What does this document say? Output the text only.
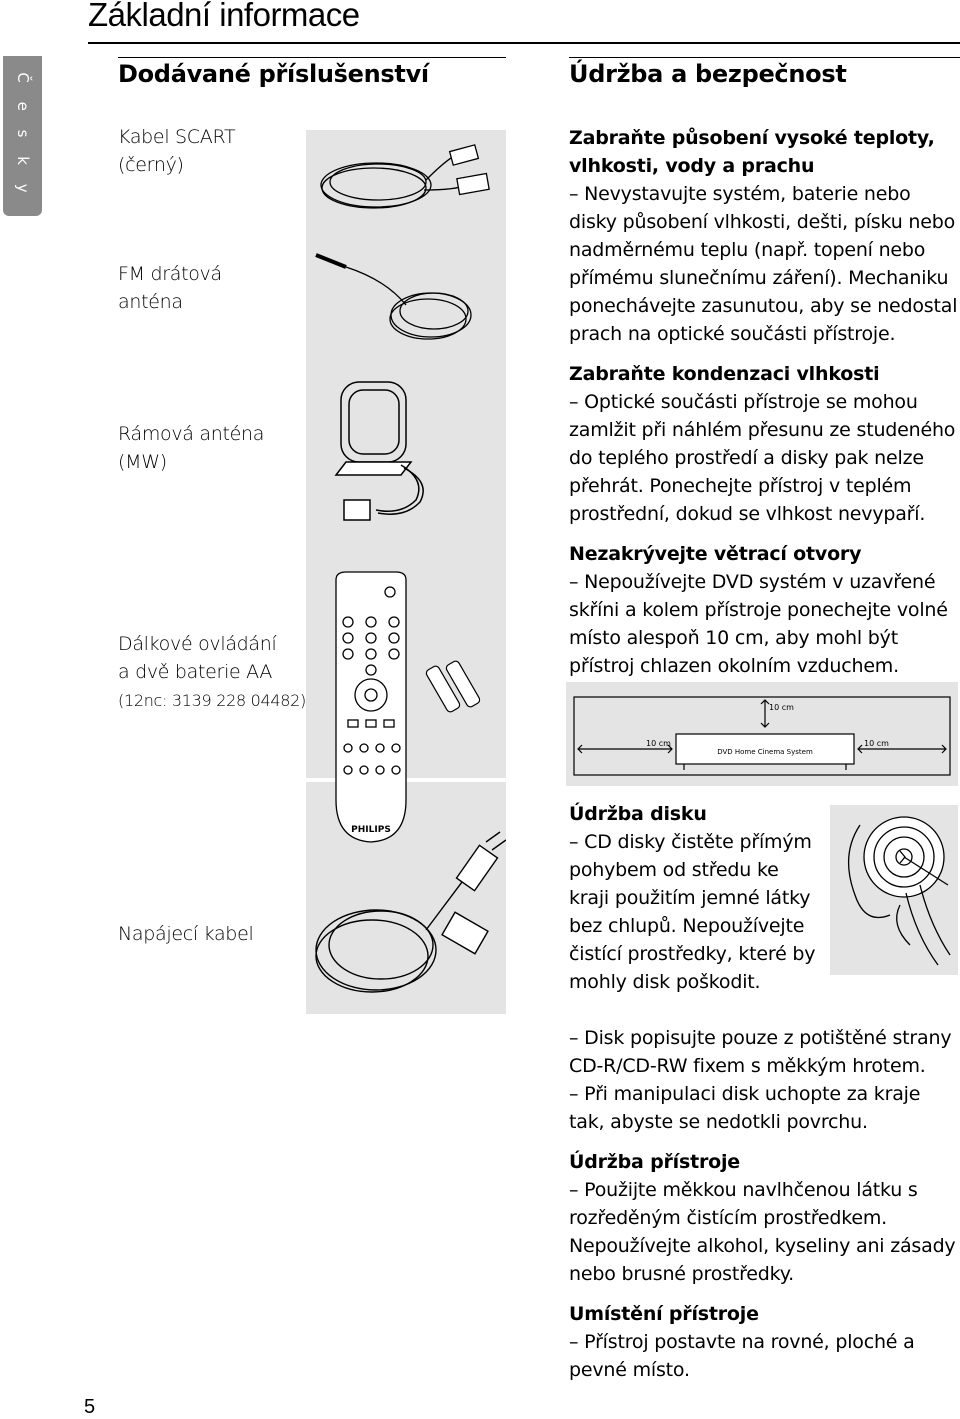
Č e s k y
Základní informace
Dodávané příslušenství
Kabel SCART
(černý)
FM drátová
anténa
Rámová anténa
(MW)
Dálkové ovládání
a dvě baterie AA
(12nc: 3139 228 04482)
Napájecí kabel
PHILIPS
Údržba a bezpečnost
Zabraňte působení vysoké teploty, vlhkosti, vody a prachu

– Nevystavujte systém, baterie nebo disky působení vlhkosti, dešti, písku nebo nadměrnému teplu (např. topení nebo přímému slunečnímu záření). Mechaniku ponechávejte zasunutou, aby se nedostal prach na optické součásti přístroje.

Zabraňte kondenzaci vlhkosti

– Optické součásti přístroje se mohou zamlžit při náhlém přesunu ze studeného do teplého prostředí a disky pak nelze přehrát. Ponechejte přístroj v teplém prostřední, dokud se vlhkost nevypaří.

Nezakrývejte větrací otvory

– Nepoužívejte DVD systém v uzavřené skříni a kolem přístroje ponechejte volné místo alespoň 10 cm, aby mohl být přístroj chlazen okolním vzduchem.

10 cm
10 cm	10 cm
DVD Home Cinema System
Údržba disku

– CD disky čistěte přímým pohybem od středu ke kraji použitím jemné látky bez chlupů. Nepoužívejte čistící prostředky, které by mohly disk poškodit.

– Disk popisujte pouze z potištěné strany CD-R/CD-RW fixem s měkkým hrotem.

– Při manipulaci disk uchopte za kraje tak, abyste se nedotkli povrchu.

Údržba přístroje

– Použijte měkkou navlhčenou látku s rozředěným čistícím prostředkem. Nepoužívejte alkohol, kyseliny ani zásady nebo brusné prostředky.

Umístění přístroje

– Přístroj postavte na rovné, ploché a pevné místo.

5
